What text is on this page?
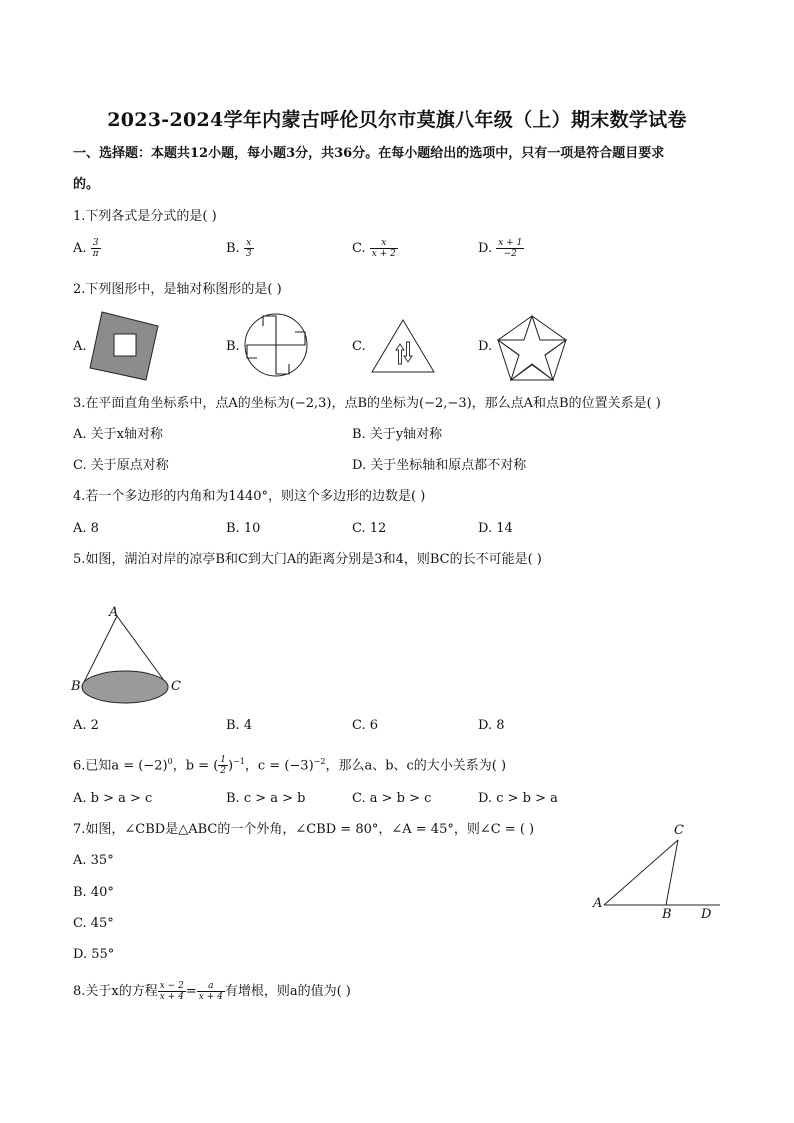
2023-2024学年内蒙古呼伦贝尔市莫旗八年级（上）期末数学试卷
一、选择题：本题共12小题，每小题3分，共36分。在每小题给出的选项中，只有一项是符合题目要求
的。
1.下列各式是分式的是( )
A. $\frac{3}{\pi}$	B. $\frac{x}{3}$	C. $\frac{x}{x + 2}$	D. $\frac{x + 1}{-2}$
2.下列图形中，是轴对称图形的是( )
A.	B.	C.	D.
3.在平面直角坐标系中，点A的坐标为(−2,3)，点B的坐标为(−2,−3)，那么点A和点B的位置关系是( )
A. 关于x轴对称	B. 关于y轴对称
C. 关于原点对称	D. 关于坐标轴和原点都不对称
4.若一个多边形的内角和为1440°，则这个多边形的边数是( )
A. 8	B. 10	C. 12	D. 14
5.如图，湖泊对岸的凉亭B和C到大门A的距离分别是3和4，则BC的长不可能是( )
A
B	C
A. 2	B. 4	C. 6	D. 8
6.已知$a = (-2)^0$，b = ( $\frac{1}{2} )^{-1}$，$c = (-3)^{-2}$，那么a、b、c的大小关系为( )
A. b > a > c	B. c > a > b	C. a > b > c	D. c > b > a
7.如图，∠CBD是△ABC的一个外角，∠CBD = 80°，∠A = 45°，则∠C = ( )
A. 35°
B. 40°
C. 45°
D. 55°
C
A
B D
8.关于x的方程 $\frac{x - 2}{x + 4} = \frac{a}{x + 4}$ 有增根，则a的值为( )
